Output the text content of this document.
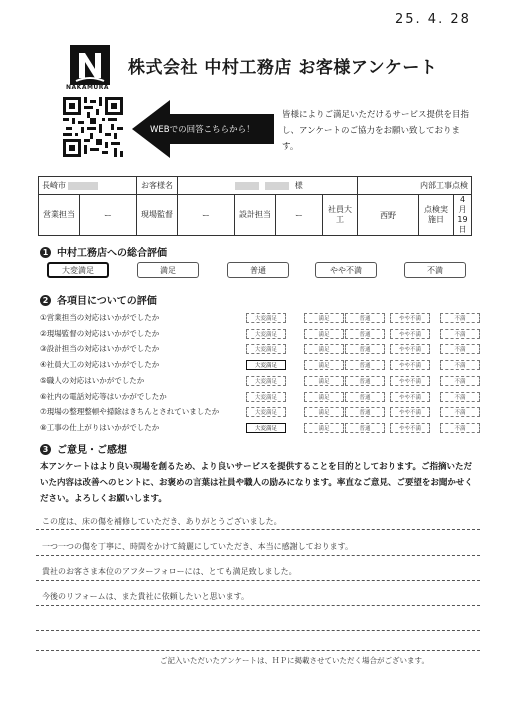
25. 4. 28
NAKAMURA
株式会社 中村工務店 お客様アンケート
WEBでの回答こちらから！
皆様によりご満足いただけるサービス提供を目指し、アンケートのご協力をお願い致しております。
長崎市		お客様名	様				内部工事点検		
営業担当	ー	現場監督	ー	設計担当	ー	社員大工	西野	点検実施日	4月19日
1 中村工務店への総合評価
大変満足	満足	普通	やや不満	不満
2 各項目についての評価
①営業担当の対応はいかがでしたか	大変満足	満足	普通	やや不満	不満
②現場監督の対応はいかがでしたか	大変満足	満足	普通	やや不満	不満
③設計担当の対応はいかがでしたか	大変満足	満足	普通	やや不満	不満
④社員大工の対応はいかがでしたか	大変満足	満足	普通	やや不満	不満
⑤職人の対応はいかがでしたか	大変満足	満足	普通	やや不満	不満
⑥社内の電話対応等はいかがでしたか	大変満足	満足	普通	やや不満	不満
⑦現場の整理整頓や掃除はきちんとされていましたか	大変満足	満足	普通	やや不満	不満
⑧工事の仕上がりはいかがでしたか	大変満足	満足	普通	やや不満	不満
3 ご意見・ご感想
本アンケートはより良い現場を創るため、より良いサービスを提供することを目的としております。ご指摘いただいた内容は改善へのヒントに、お褒めの言葉は社員や職人の励みになります。率直なご意見、ご要望をお聞かせください。よろしくお願いします。
この度は、床の傷を補修していただき、ありがとうございました。
一つ一つの傷を丁寧に、時間をかけて綺麗にしていただき、本当に感謝しております。
貴社のお客さま本位のアフターフォローには、とても満足致しました。
今後のリフォームは、また貴社に依頼したいと思います。
ご記入いただいたアンケートは、ＨＰに掲載させていただく場合がございます。
